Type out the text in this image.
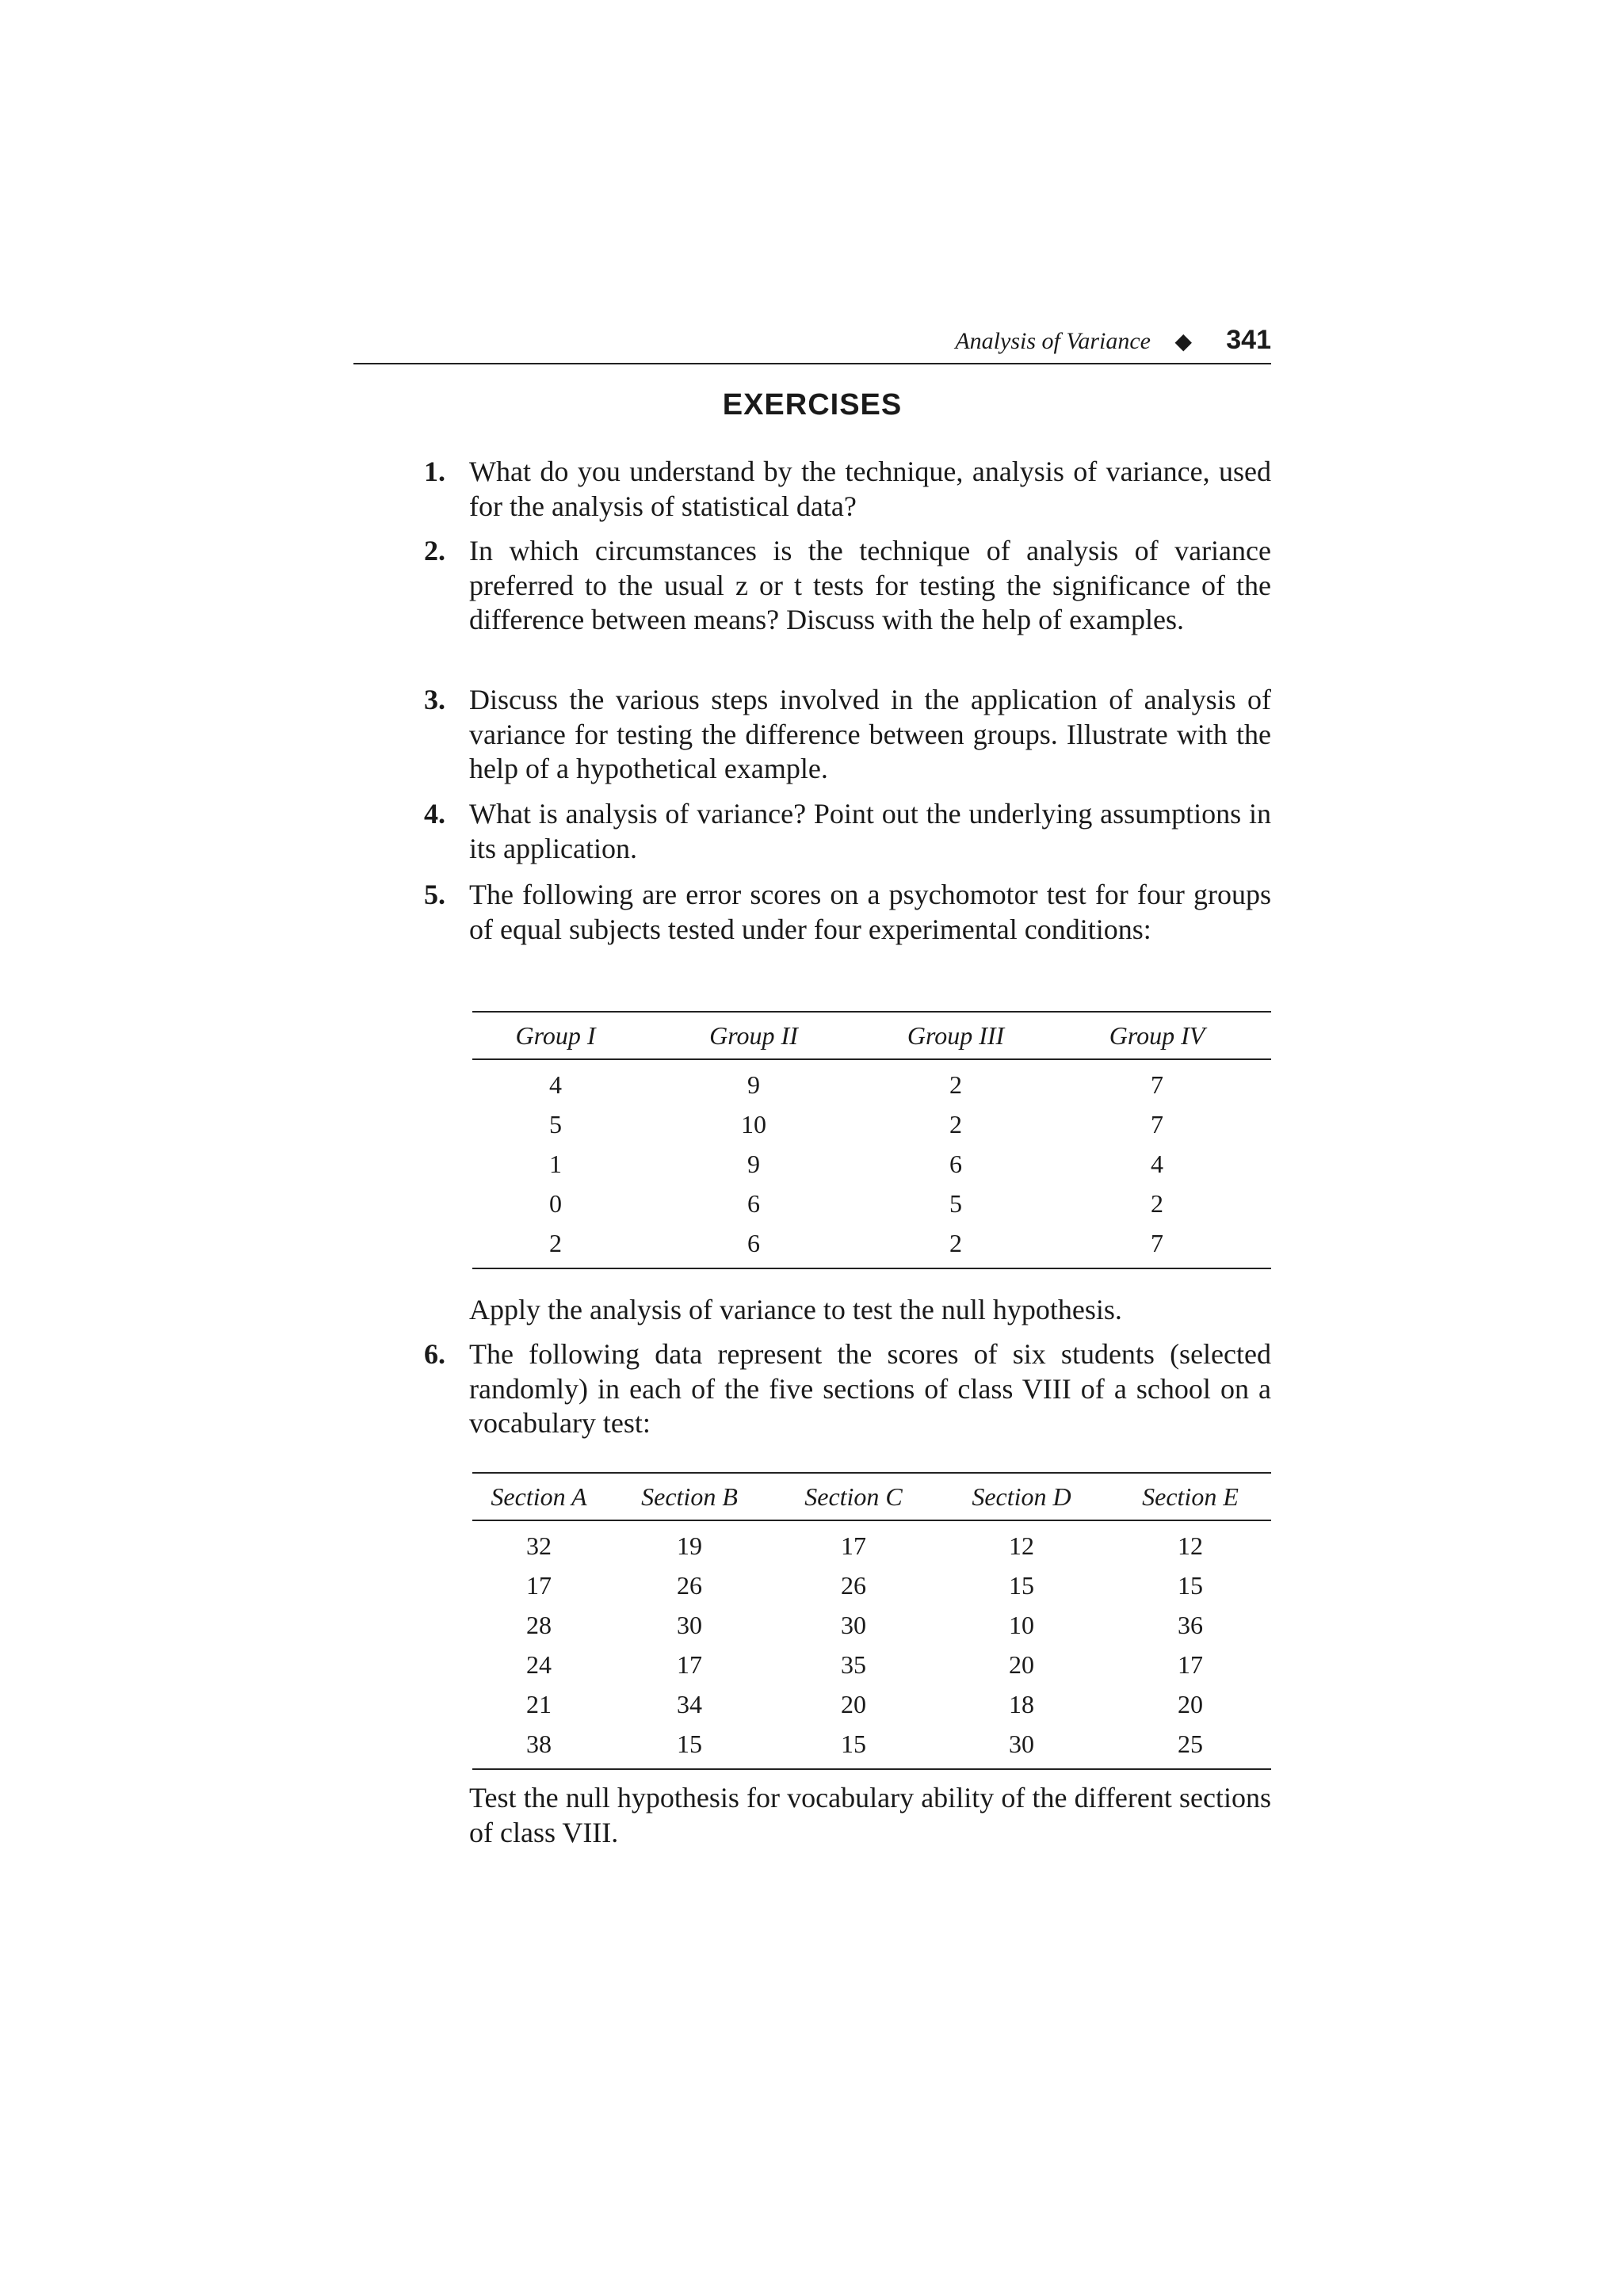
Analysis of Variance ◆ 341
EXERCISES
1. What do you understand by the technique, analysis of variance, used for the analysis of statistical data?
2. In which circumstances is the technique of analysis of variance preferred to the usual z or t tests for testing the significance of the difference between means? Discuss with the help of examples.
3. Discuss the various steps involved in the application of analysis of variance for testing the difference between groups. Illustrate with the help of a hypothetical example.
4. What is analysis of variance? Point out the underlying assumptions in its application.
5. The following are error scores on a psychomotor test for four groups of equal subjects tested under four experimental conditions:
Group I	Group II	Group III	Group IV
4	9	2	7
5	10	2	7
1	9	6	4
0	6	5	2
2	6	2	7
Apply the analysis of variance to test the null hypothesis.
6. The following data represent the scores of six students (selected randomly) in each of the five sections of class VIII of a school on a vocabulary test:
Section A	Section B	Section C	Section D	Section E
32	19	17	12	12
17	26	26	15	15
28	30	30	10	36
24	17	35	20	17
21	34	20	18	20
38	15	15	30	25
Test the null hypothesis for vocabulary ability of the different sections of class VIII.
